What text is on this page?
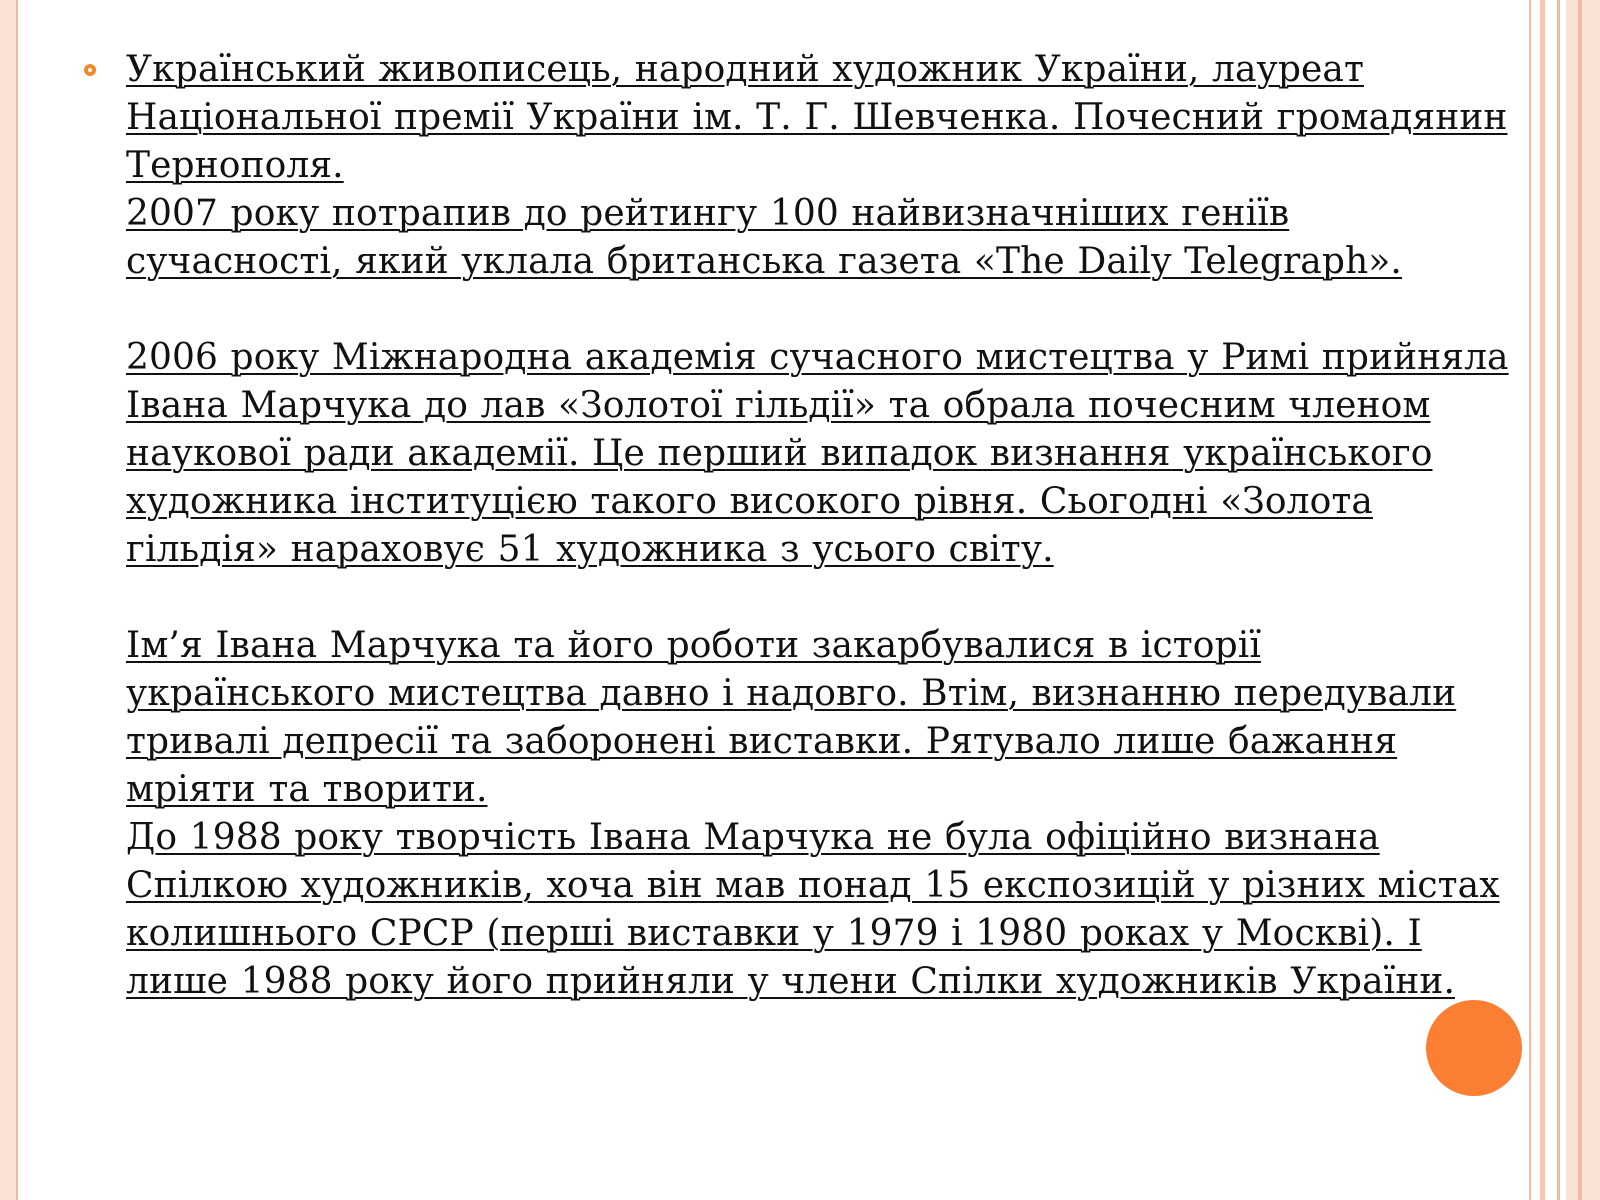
Український живописець, народний художник України, лауреат Національної премії України ім. Т. Г. Шевченка. Почесний громадянин Тернополя.

2007 року потрапив до рейтингу 100 найвизначніших геніїв сучасності, який уклала британська газета «The Daily Telegraph».

2006 року Міжнародна академія сучасного мистецтва у Римі прийняла Івана Марчука до лав «Золотої гільдії» та обрала почесним членом наукової ради академії. Це перший випадок визнання українського художника інституцією такого високого рівня. Сьогодні «Золота гільдія» нараховує 51 художника з усього світу.

Ім’я Івана Марчука та його роботи закарбувалися в історії українського мистецтва давно і надовго. Втім, визнанню передували тривалі депресії та заборонені виставки. Рятувало лише бажання мріяти та творити.

До 1988 року творчість Івана Марчука не була офіційно визнана Спілкою художників, хоча він мав понад 15 експозицій у різних містах колишнього СРСР (перші виставки у 1979 і 1980 роках у Москві). І лише 1988 року його прийняли у члени Спілки художників України.
